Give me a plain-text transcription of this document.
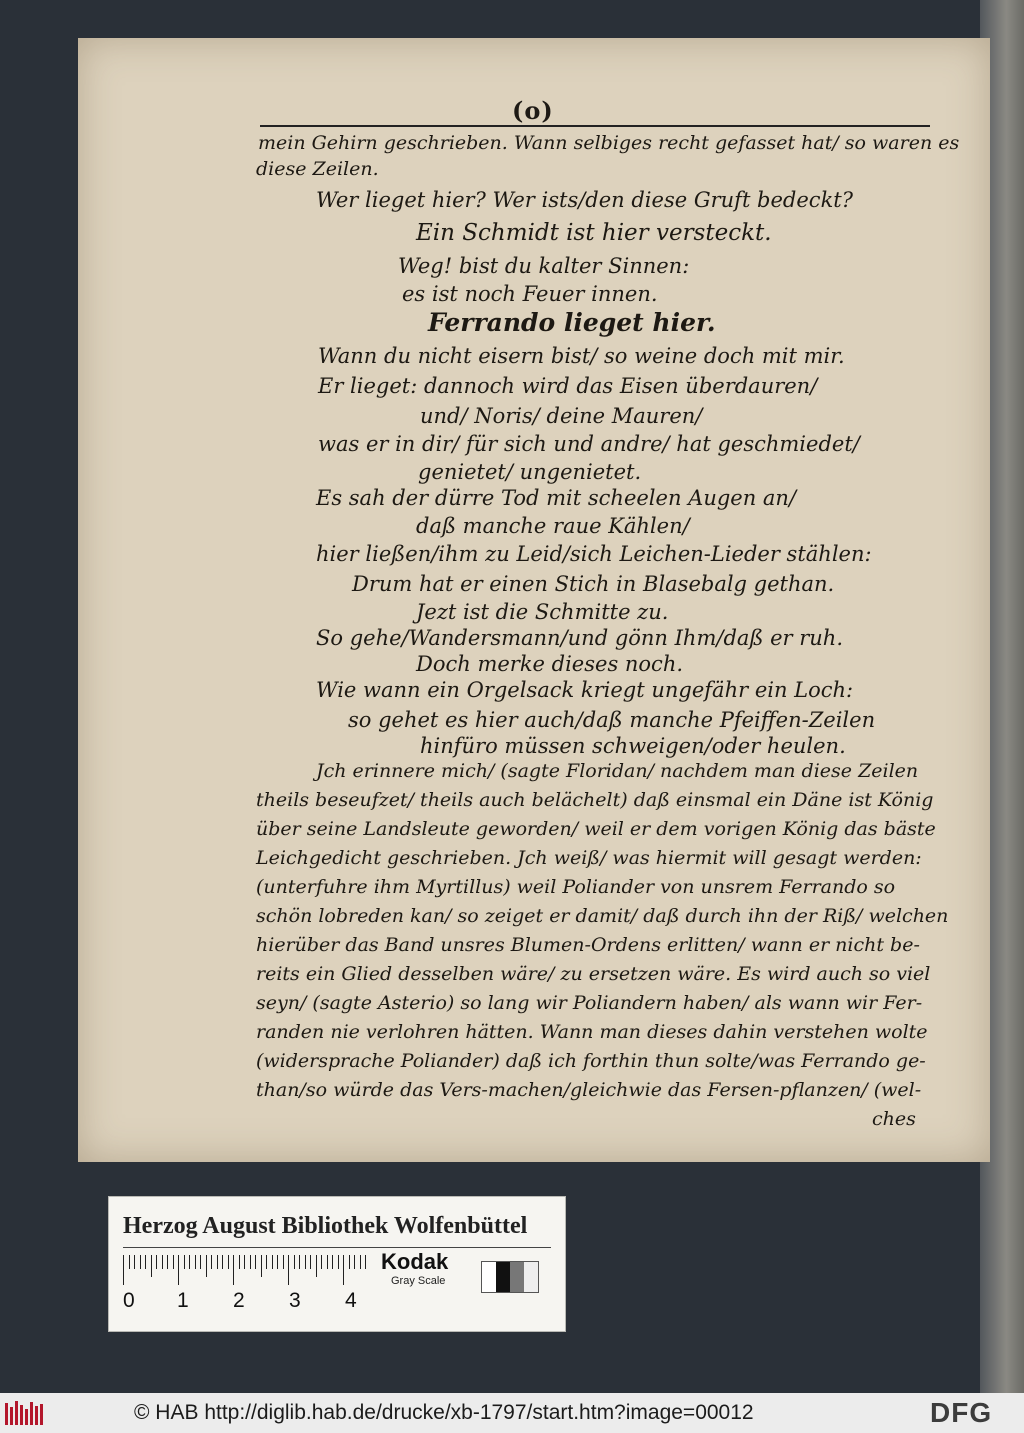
(o)
mein Gehirn geschrieben. Wann selbiges recht gefasset hat/ so waren es
diese Zeilen.
Wer lieget hier? Wer ists/den diese Gruft bedeckt?
Ein Schmidt ist hier versteckt.
Weg! bist du kalter Sinnen:
es ist noch Feuer innen.
Ferrando lieget hier.
Wann du nicht eisern bist/ so weine doch mit mir.
Er lieget: dannoch wird das Eisen überdauren/
und/ Noris/ deine Mauren/
was er in dir/ für sich und andre/ hat geschmiedet/
genietet/ ungenietet.
Es sah der dürre Tod mit scheelen Augen an/
daß manche raue Kählen/
hier ließen/ihm zu Leid/sich Leichen-Lieder stählen:
Drum hat er einen Stich in Blasebalg gethan.
Jezt ist die Schmitte zu.
So gehe/Wandersmann/und gönn Ihm/daß er ruh.
Doch merke dieses noch.
Wie wann ein Orgelsack kriegt ungefähr ein Loch:
so gehet es hier auch/daß manche Pfeiffen-Zeilen
hinfüro müssen schweigen/oder heulen.
Jch erinnere mich/ (sagte Floridan/ nachdem man diese Zeilen
theils beseufzet/ theils auch belächelt) daß einsmal ein Däne ist König
über seine Landsleute geworden/ weil er dem vorigen König das bäste
Leichgedicht geschrieben. Jch weiß/ was hiermit will gesagt werden:
(unterfuhre ihm Myrtillus) weil Poliander von unsrem Ferrando so
schön lobreden kan/ so zeiget er damit/ daß durch ihn der Riß/ welchen
hierüber das Band unsres Blumen-Ordens erlitten/ wann er nicht be-
reits ein Glied desselben wäre/ zu ersetzen wäre. Es wird auch so viel
seyn/ (sagte Asterio) so lang wir Poliandern haben/ als wann wir Fer-
randen nie verlohren hätten. Wann man dieses dahin verstehen wolte
(widersprache Poliander) daß ich forthin thun solte/was Ferrando ge-
than/so würde das Vers-machen/gleichwie das Fersen-pflanzen/ (wel-
ches
Herzog August Bibliothek Wolfenbüttel
0 1 2 3 4
Kodak
Gray Scale
© HAB http://diglib.hab.de/drucke/xb-1797/start.htm?image=00012	DFG
